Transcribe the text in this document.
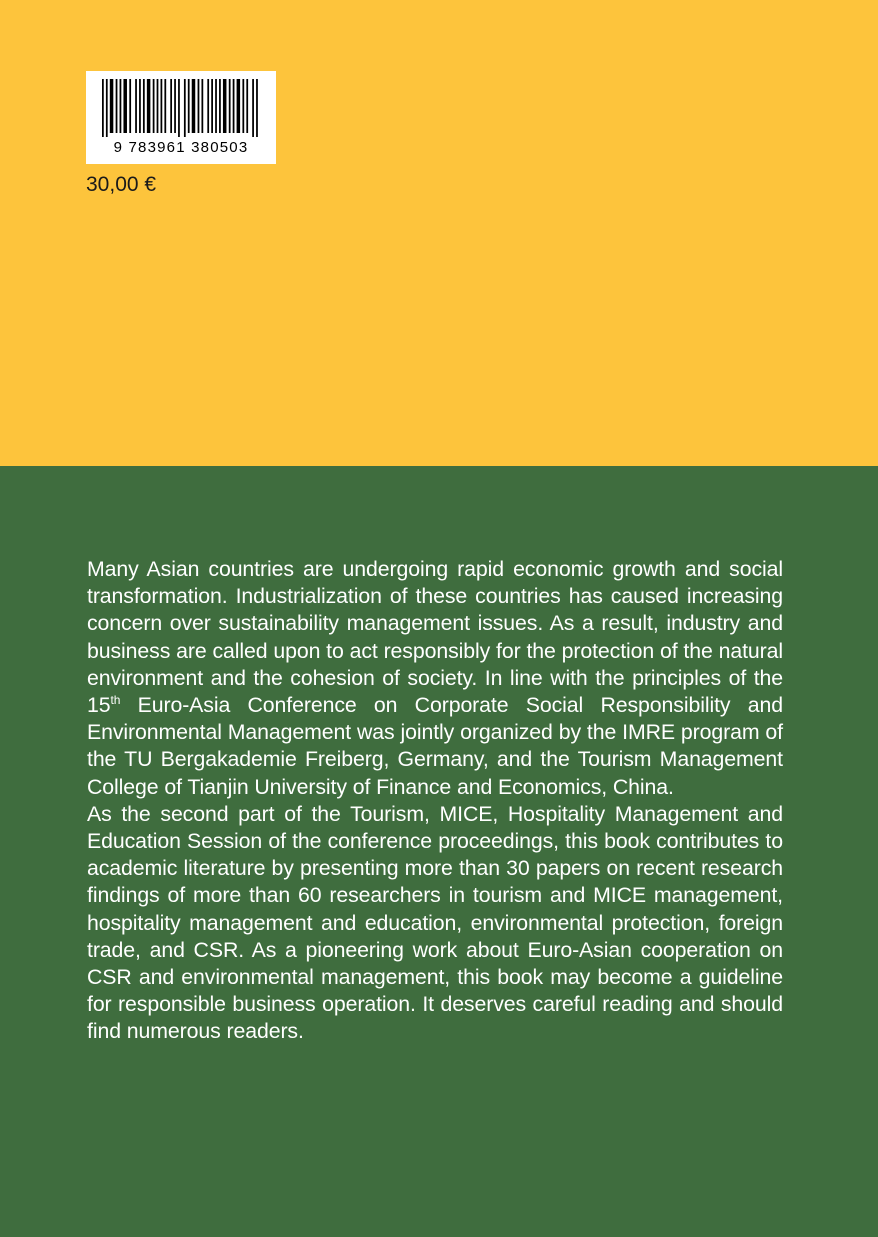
9 783961 380503
30,00 €

Many Asian countries are undergoing rapid economic growth and social transformation. Industrialization of these countries has caused increasing concern over sustainability management issues. As a result, industry and business are called upon to act responsibly for the protection of the natural environment and the cohesion of society. In line with the principles of the 15th Euro-Asia Conference on Corporate Social Responsibility and Environmental Management was jointly organized by the IMRE program of the TU Bergakademie Freiberg, Germany, and the Tourism Management College of Tianjin University of Finance and Economics, China.

As the second part of the Tourism, MICE, Hospitality Management and Education Session of the conference proceedings, this book contributes to academic literature by presenting more than 30 papers on recent research findings of more than 60 researchers in tourism and MICE management, hospitality management and education, environmental protection, foreign trade, and CSR. As a pioneering work about Euro-Asian cooperation on CSR and environmental management, this book may become a guideline for responsible business operation. It deserves careful reading and should find numerous readers.
